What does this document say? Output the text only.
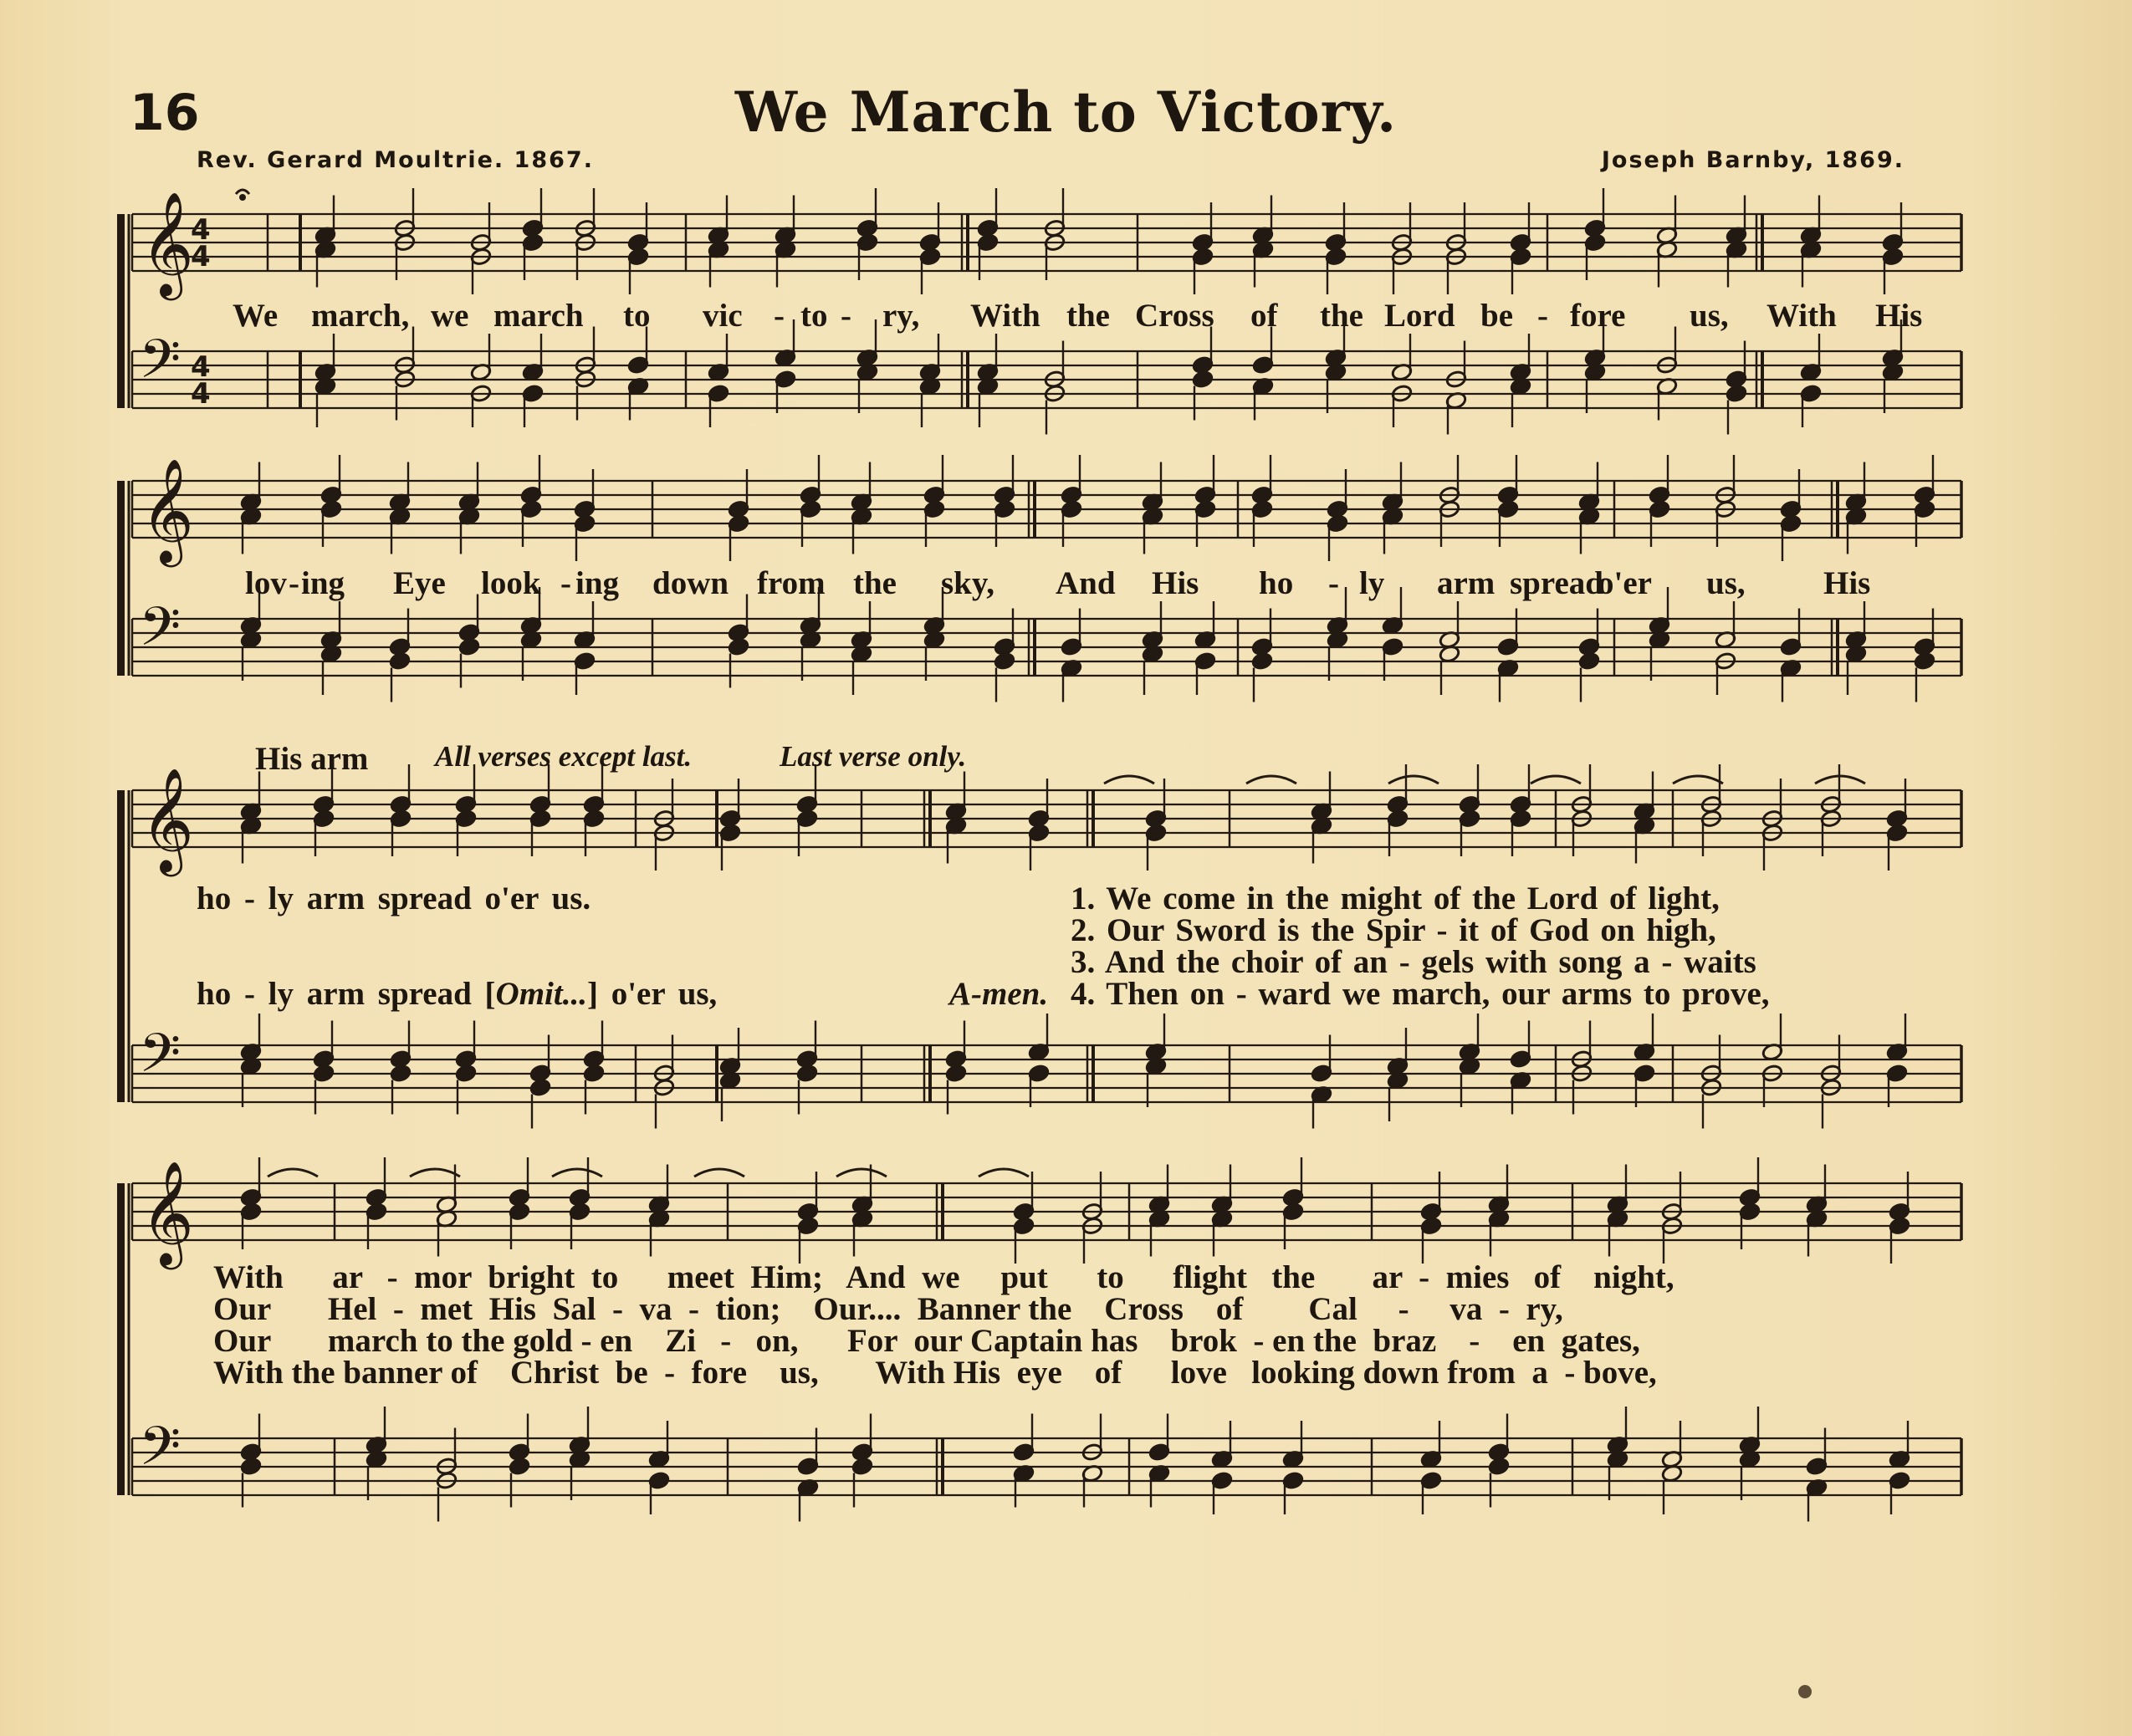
16	We March to Victory.
Rev. Gerard Moultrie. 1867.	Joseph Barnby, 1869.
𝄞
𝄢
4
4
4
4
𝄞
𝄢
𝄞
𝄢
𝄞
𝄢
We march, we march to vic - to - ry, With the Cross of the Lord be - fore us, With His
lov - ing Eye look - ing down from the sky, And His ho - ly arm spread
o'er us, His
His arm All verses except last.	Last verse only.
ho - ly arm spread o'er us.
ho - ly arm spread [Omit...] o'er us,	A-men.
1. We come in the might of the Lord of light,
2. Our Sword is the Spir - it of God on high,
3. And the choir of an - gels with song a - waits
4. Then on - ward we march, our arms to prove,
With      ar   -  mor  bright  to      meet  Him;   And  we     put      to      flight   the       ar  -  mies   of    night,
Our       Hel  -  met  His  Sal  -  va  -  tion;    Our....  Banner the    Cross    of        Cal     -     va  -  ry,
Our       march to the gold - en    Zi   -   on,      For  our Captain has    brok  - en the  braz    -    en  gates,
With the banner of    Christ  be  -  fore    us,       With His  eye    of      love   looking down from  a  - bove,
